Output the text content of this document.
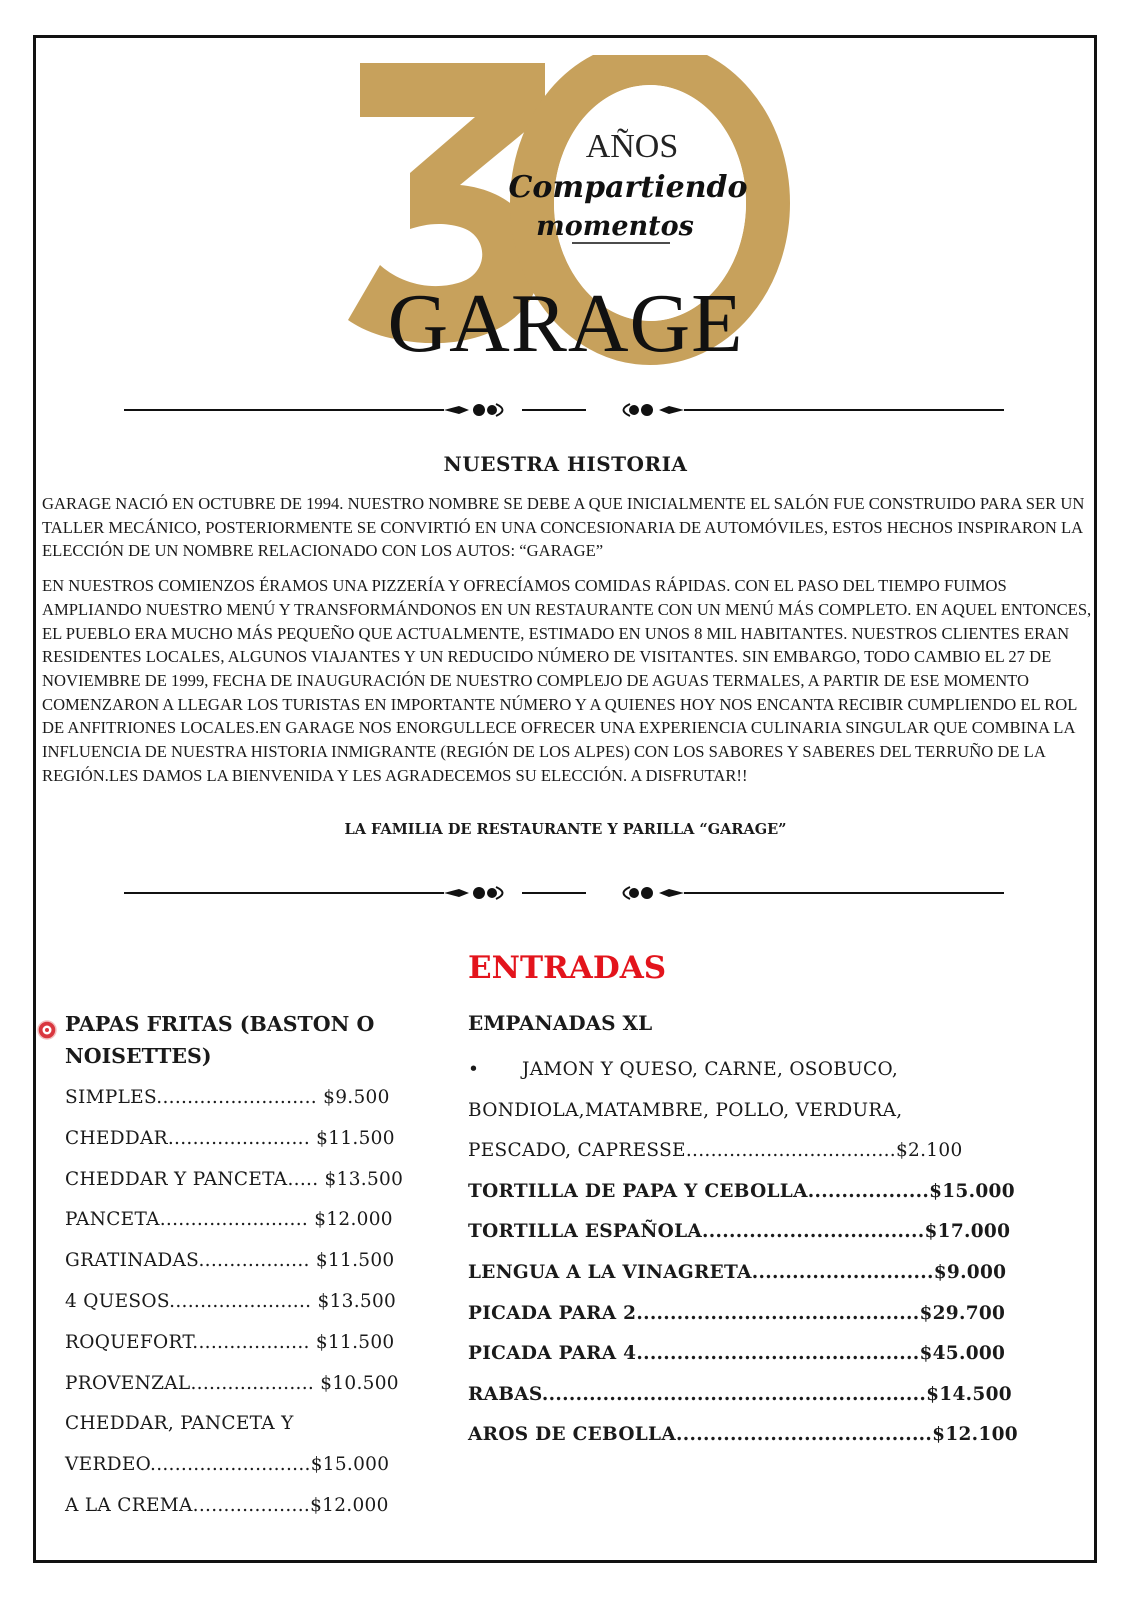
AÑOS
Compartiendo
momentos
GARAGE
NUESTRA HISTORIA

GARAGE NACIÓ EN OCTUBRE DE 1994. NUESTRO NOMBRE SE DEBE A QUE INICIALMENTE EL SALÓN FUE CONSTRUIDO PARA SER UN TALLER MECÁNICO, POSTERIORMENTE SE CONVIRTIÓ EN UNA CONCESIONARIA DE AUTOMÓVILES, ESTOS HECHOS INSPIRARON LA ELECCIÓN DE UN NOMBRE RELACIONADO CON LOS AUTOS: “GARAGE”

EN NUESTROS COMIENZOS ÉRAMOS UNA PIZZERÍA Y OFRECÍAMOS COMIDAS RÁPIDAS. CON EL PASO DEL TIEMPO FUIMOS AMPLIANDO NUESTRO MENÚ Y TRANSFORMÁNDONOS EN UN RESTAURANTE CON UN MENÚ MÁS COMPLETO. EN AQUEL ENTONCES, EL PUEBLO ERA MUCHO MÁS PEQUEÑO QUE ACTUALMENTE, ESTIMADO EN UNOS 8 MIL HABITANTES. NUESTROS CLIENTES ERAN RESIDENTES LOCALES, ALGUNOS VIAJANTES Y UN REDUCIDO NÚMERO DE VISITANTES. SIN EMBARGO, TODO CAMBIO EL 27 DE NOVIEMBRE DE 1999, FECHA DE INAUGURACIÓN DE NUESTRO COMPLEJO DE AGUAS TERMALES, A PARTIR DE ESE MOMENTO COMENZARON A LLEGAR LOS TURISTAS EN IMPORTANTE NÚMERO Y A QUIENES HOY NOS ENCANTA RECIBIR CUMPLIENDO EL ROL DE ANFITRIONES LOCALES.EN GARAGE NOS ENORGULLECE OFRECER UNA EXPERIENCIA CULINARIA SINGULAR QUE COMBINA LA INFLUENCIA DE NUESTRA HISTORIA INMIGRANTE (REGIÓN DE LOS ALPES) CON LOS SABORES Y SABERES DEL TERRUÑO DE LA REGIÓN.LES DAMOS LA BIENVENIDA Y LES AGRADECEMOS SU ELECCIÓN. A DISFRUTAR!!

LA FAMILIA DE RESTAURANTE Y PARILLA “GARAGE”
ENTRADAS
PAPAS FRITAS (BASTON O
NOISETTES)
SIMPLES.......................... $9.500
CHEDDAR....................... $11.500
CHEDDAR Y PANCETA..... $13.500
PANCETA........................ $12.000
GRATINADAS.................. $11.500
4 QUESOS....................... $13.500
ROQUEFORT................... $11.500
PROVENZAL.................... $10.500
CHEDDAR, PANCETA Y
VERDEO..........................$15.000
A LA CREMA...................$12.000
EMPANADAS XL
• JAMON Y QUESO, CARNE, OSOBUCO,
BONDIOLA,MATAMBRE, POLLO, VERDURA,
PESCADO, CAPRESSE..................................$2.100
TORTILLA DE PAPA Y CEBOLLA..................$15.000
TORTILLA ESPAÑOLA.................................$17.000
LENGUA A LA VINAGRETA...........................$9.000
PICADA PARA 2..........................................$29.700
PICADA PARA 4..........................................$45.000
RABAS.........................................................$14.500
AROS DE CEBOLLA......................................$12.100
